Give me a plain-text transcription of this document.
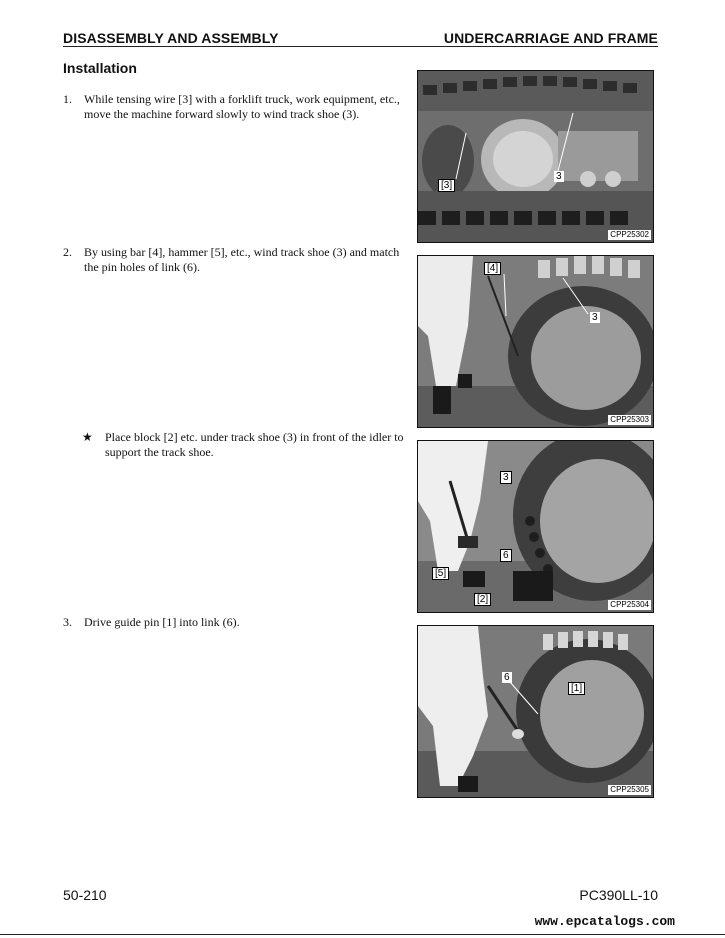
DISASSEMBLY AND ASSEMBLY	UNDERCARRIAGE AND FRAME
Installation
1.	While tensing wire [3] with a forklift truck, work equipment, etc., move the machine forward slowly to wind track shoe (3).
[3]
3
CPP25302
2.	By using bar [4], hammer [5], etc., wind track shoe (3) and match the pin holes of link (6).	[4]
3
CPP25303
★	Place block [2] etc. under track shoe (3) in front of the idler to support the track shoe.
3
6
[5]
[2]	CPP25304
3.	Drive guide pin [1] into link (6).
6
[1]
CPP25305
50-210	PC390LL-10
www.epcatalogs.com
